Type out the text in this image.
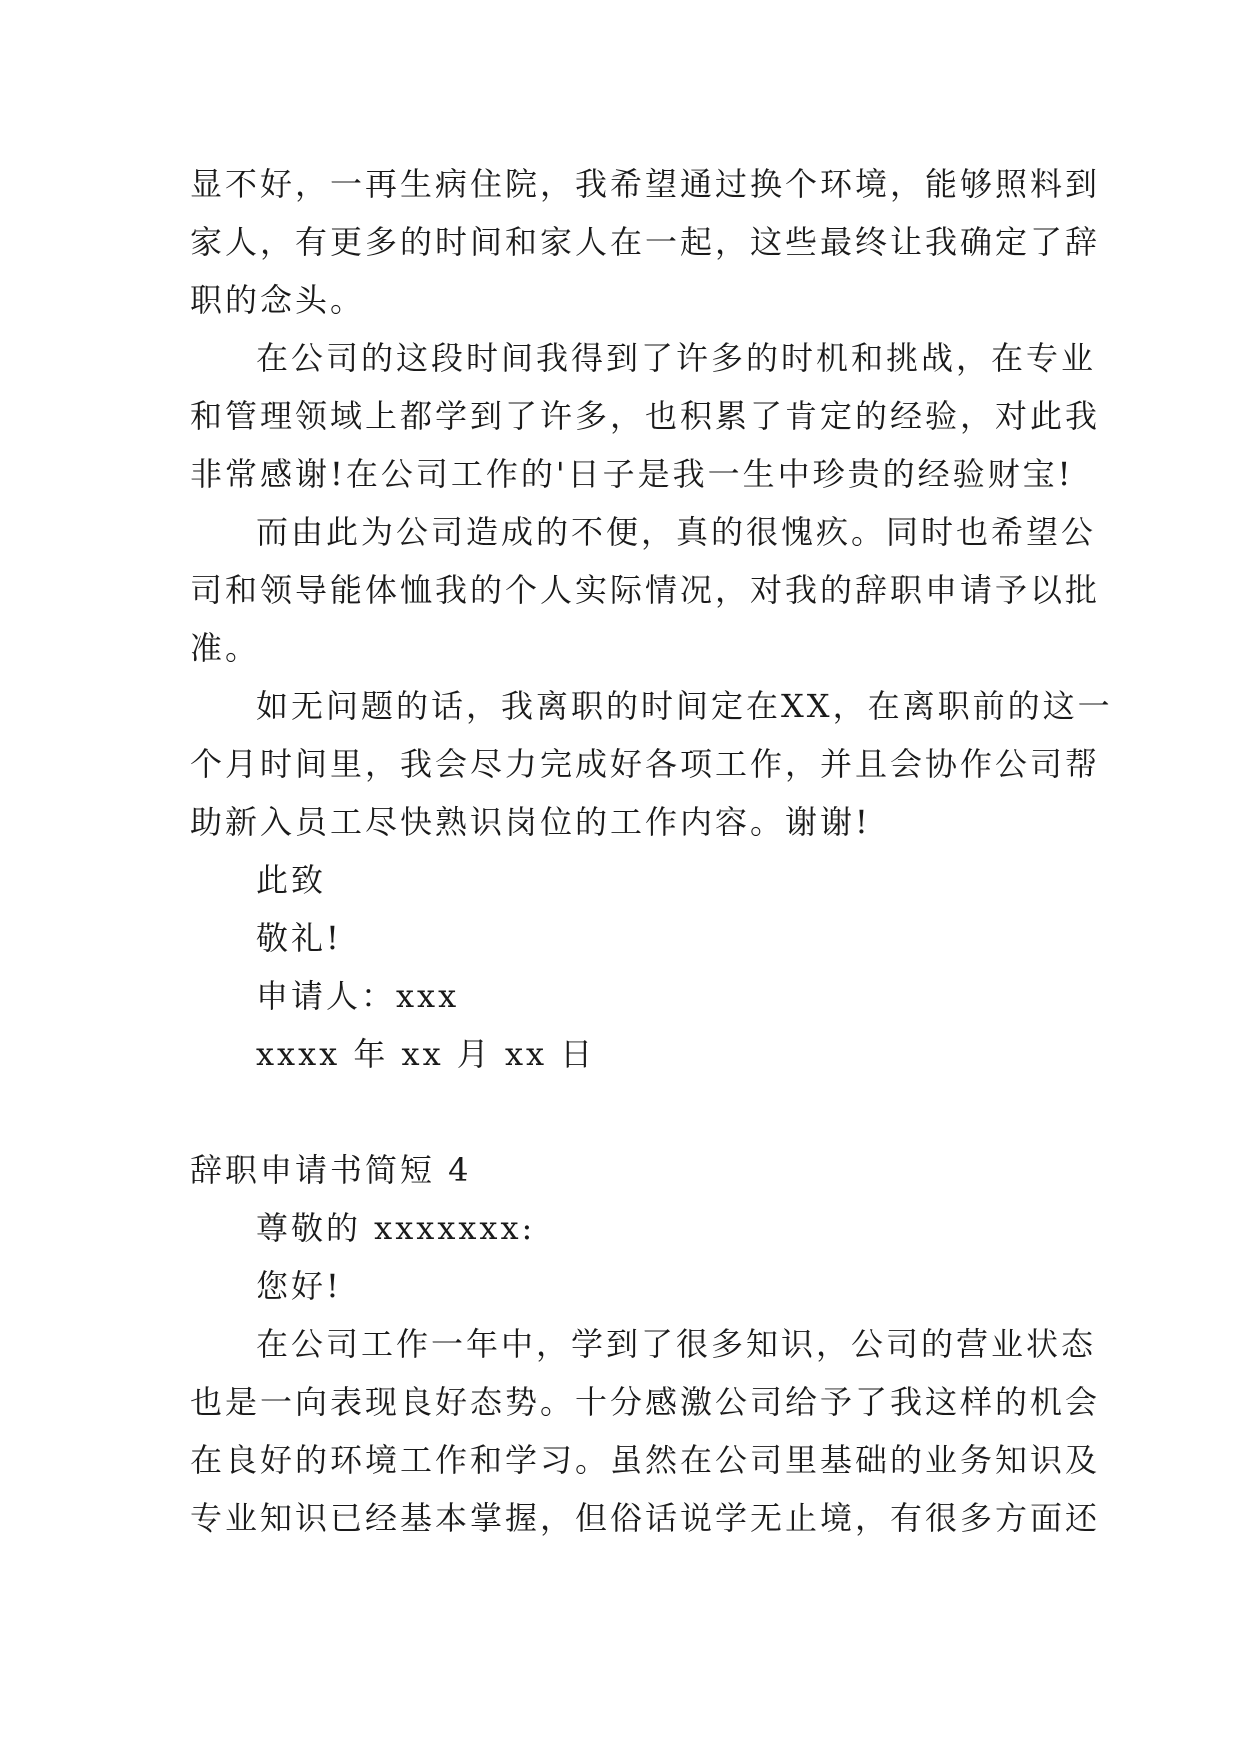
显不好，一再生病住院，我希望通过换个环境，能够照料到
家人，有更多的时间和家人在一起，这些最终让我确定了辞
职的念头。
在公司的这段时间我得到了许多的时机和挑战，在专业
和管理领域上都学到了许多，也积累了肯定的经验，对此我
非常感谢!在公司工作的'日子是我一生中珍贵的经验财宝!
而由此为公司造成的不便，真的很愧疚。同时也希望公
司和领导能体恤我的个人实际情况，对我的辞职申请予以批
准。
如无问题的话，我离职的时间定在XX，在离职前的这一
个月时间里，我会尽力完成好各项工作，并且会协作公司帮
助新入员工尽快熟识岗位的工作内容。谢谢!
此致
敬礼!
申请人：xxx
xxxx 年 xx 月 xx 日
辞职申请书简短 4
尊敬的 xxxxxxx:
您好!
在公司工作一年中，学到了很多知识，公司的营业状态
也是一向表现良好态势。十分感激公司给予了我这样的机会
在良好的环境工作和学习。虽然在公司里基础的业务知识及
专业知识已经基本掌握，但俗话说学无止境，有很多方面还
